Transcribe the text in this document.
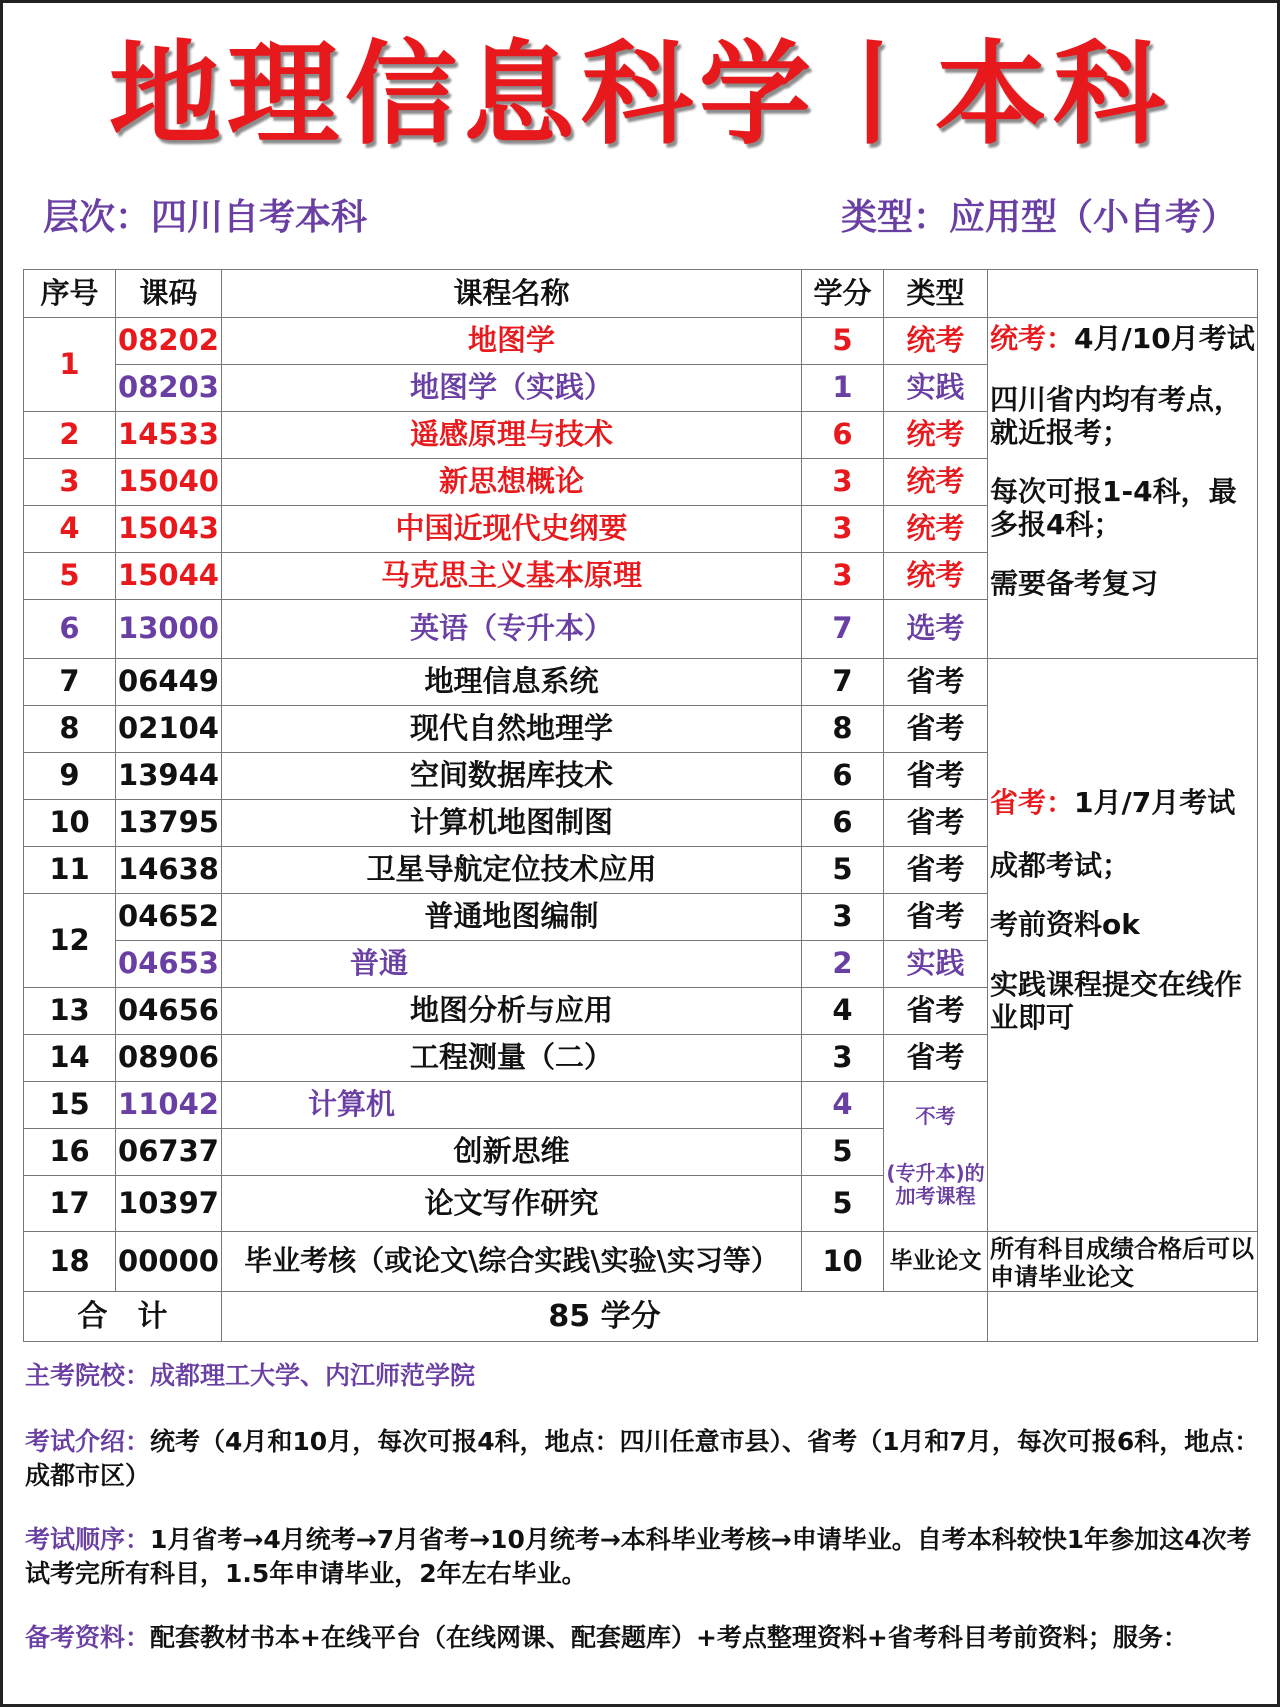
地理信息科学丨本科
层次：四川自考本科	类型：应用型（小自考）
序号	课码	课程名称	学分	类型	
1	08202	地图学	5	统考	统考：4月/10月考试

四川省内均有考点，就近报考；

每次可报1-4科，最多报4科；

需要备考复习

	08203	地图学（实践）	1	实践	
2	14533	遥感原理与技术	6	统考	
3	15040	新思想概论	3	统考	
4	15043	中国近现代史纲要	3	统考	
5	15044	马克思主义基本原理	3	统考	
6	13000	英语（专升本）	7	选考	
7	06449	地理信息系统	7	省考	省考：1月/7月考试

成都考试；

考前资料ok

实践课程提交在线作业即可

8	02104	现代自然地理学	8	省考	
9	13944	空间数据库技术	6	省考	
10	13795	计算机地图制图	6	省考	
11	14638	卫星导航定位技术应用	5	省考	
12	04652	普通地图编制	3	省考	
	04653	普通	2	实践	
13	04656	地图分析与应用	4	省考	
14	08906	工程测量（二）	3	省考	
15	11042	计算机	4	不考
(专升本)的加考课程	

16	06737	创新思维	5		
17	10397	论文写作研究	5		
18	00000	毕业考核（或论文\综合实践\实验\实习等）	10	毕业论文	所有科目成绩合格后可以申请毕业论文
合　计		85 学分			
主考院校：成都理工大学、内江师范学院
考试介绍：统考（4月和10月，每次可报4科，地点：四川任意市县）、省考（1月和7月，每次可报6科，地点：成都市区）
考试顺序：1月省考→4月统考→7月省考→10月统考→本科毕业考核→申请毕业。自考本科较快1年参加这4次考试考完所有科目，1.5年申请毕业，2年左右毕业。
备考资料：配套教材书本+在线平台（在线网课、配套题库）+考点整理资料+省考科目考前资料；服务：
